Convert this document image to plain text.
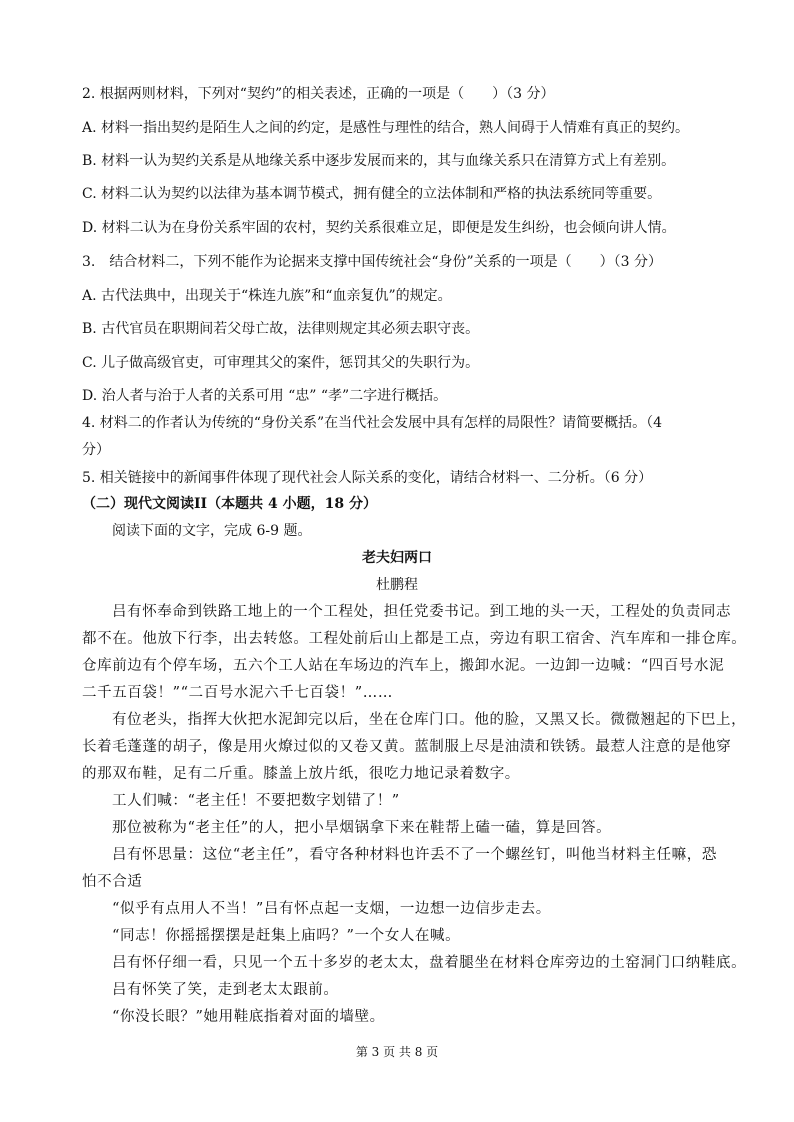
2. 根据两则材料，下列对“契约”的相关表述，正确的一项是（　　）（3 分）
A. 材料一指出契约是陌生人之间的约定，是感性与理性的结合，熟人间碍于人情难有真正的契约。
B. 材料一认为契约关系是从地缘关系中逐步发展而来的，其与血缘关系只在清算方式上有差别。
C. 材料二认为契约以法律为基本调节模式，拥有健全的立法体制和严格的执法系统同等重要。
D. 材料二认为在身份关系牢固的农村，契约关系很难立足，即便是发生纠纷，也会倾向讲人情。
3.　结合材料二，下列不能作为论据来支撑中国传统社会“身份”关系的一项是（　　）（3 分）
A. 古代法典中，出现关于“株连九族”和“血亲复仇”的规定。
B. 古代官员在职期间若父母亡故，法律则规定其必须去职守丧。
C. 儿子做高级官吏，可审理其父的案件，惩罚其父的失职行为。
D. 治人者与治于人者的关系可用 “忠” “孝”二字进行概括。
4. 材料二的作者认为传统的“身份关系”在当代社会发展中具有怎样的局限性？请简要概括。（4
分）
5. 相关链接中的新闻事件体现了现代社会人际关系的变化，请结合材料一、二分析。（6 分）
（二）现代文阅读II（本题共 4 小题，18 分）
阅读下面的文字，完成 6-9 题。
老夫妇两口
杜鹏程
吕有怀奉命到铁路工地上的一个工程处，担任党委书记。到工地的头一天，工程处的负责同志
都不在。他放下行李，出去转悠。工程处前后山上都是工点，旁边有职工宿舍、汽车库和一排仓库。
仓库前边有个停车场，五六个工人站在车场边的汽车上，搬卸水泥。一边卸一边喊：“四百号水泥
二千五百袋！”“二百号水泥六千七百袋！”……
有位老头，指挥大伙把水泥卸完以后，坐在仓库门口。他的脸，又黑又长。微微翘起的下巴上，
长着毛蓬蓬的胡子，像是用火燎过似的又卷又黄。蓝制服上尽是油渍和铁锈。最惹人注意的是他穿
的那双布鞋，足有二斤重。膝盖上放片纸，很吃力地记录着数字。
工人们喊：“老主任！不要把数字划错了！”
那位被称为“老主任”的人，把小旱烟锅拿下来在鞋帮上磕一磕，算是回答。
吕有怀思量：这位“老主任”，看守各种材料也许丢不了一个螺丝钉，叫他当材料主任嘛，恐
怕不合适
“似乎有点用人不当！”吕有怀点起一支烟，一边想一边信步走去。
“同志！你摇摇摆摆是赶集上庙吗？”一个女人在喊。
吕有怀仔细一看，只见一个五十多岁的老太太，盘着腿坐在材料仓库旁边的土窑洞门口纳鞋底。
吕有怀笑了笑，走到老太太跟前。
“你没长眼？”她用鞋底指着对面的墙壁。
第 3 页 共 8 页
